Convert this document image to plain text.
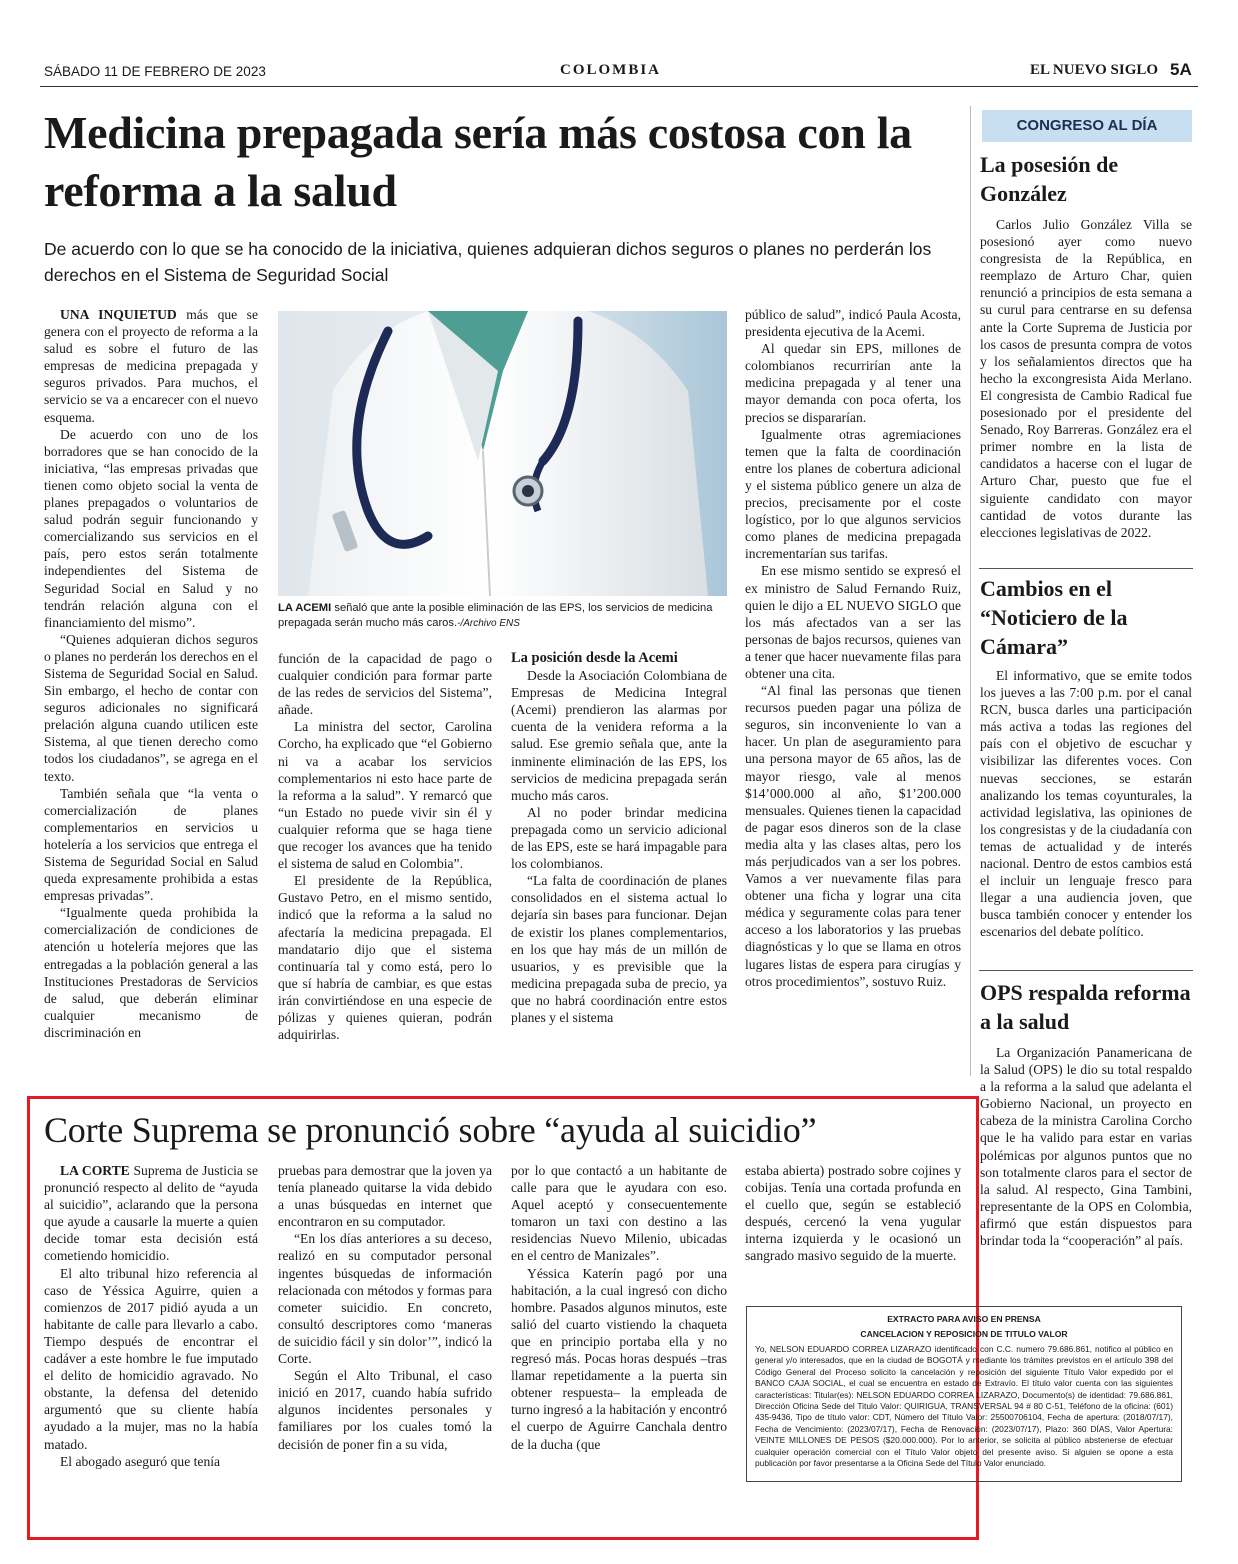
SÁBADO 11 DE FEBRERO DE 2023	COLOMBIA	EL NUEVO SIGLO 5A
Medicina prepagada sería más costosa con la reforma a la salud

De acuerdo con lo que se ha conocido de la iniciativa, quienes adquieran dichos seguros o planes no perderán los derechos en el Sistema de Seguridad Social

UNA INQUIETUD más que se genera con el proyecto de reforma a la salud es sobre el futuro de las empresas de medicina prepagada y seguros privados. Para muchos, el servicio se va a encarecer con el nuevo esquema.

De acuerdo con uno de los borradores que se han conocido de la iniciativa, “las empresas privadas que tienen como objeto social la venta de planes prepagados o voluntarios de salud podrán seguir funcionando y comercializando sus servicios en el país, pero estos serán totalmente independientes del Sistema de Seguridad Social en Salud y no tendrán relación alguna con el financiamiento del mismo”.

“Quienes adquieran dichos seguros o planes no perderán los derechos en el Sistema de Seguridad Social en Salud. Sin embargo, el hecho de contar con seguros adicionales no significará prelación alguna cuando utilicen este Sistema, al que tienen derecho como todos los ciudadanos”, se agrega en el texto.

También señala que “la venta o comercialización de planes complementarios en servicios u hotelería a los servicios que entrega el Sistema de Seguridad Social en Salud queda expresamente prohibida a estas empresas privadas”.

“Igualmente queda prohibida la comercialización de condiciones de atención u hotelería mejores que las entregadas a la población general a las Instituciones Prestadoras de Servicios de salud, que deberán eliminar cualquier mecanismo de discriminación en

LA ACEMI señaló que ante la posible eliminación de las EPS, los servicios de medicina prepagada serán mucho más caros.-/Archivo ENS

función de la capacidad de pago o cualquier condición para formar parte de las redes de servicios del Sistema”, añade.

La ministra del sector, Carolina Corcho, ha explicado que “el Gobierno ni va a acabar los servicios complementarios ni esto hace parte de la reforma a la salud”. Y remarcó que “un Estado no puede vivir sin él y cualquier reforma que se haga tiene que recoger los avances que ha tenido el sistema de salud en Colombia”.

El presidente de la República, Gustavo Petro, en el mismo sentido, indicó que la reforma a la salud no afectaría la medicina prepagada. El mandatario dijo que el sistema continuaría tal y como está, pero lo que sí habría de cambiar, es que estas irán convirtiéndose en una especie de pólizas y quienes quieran, podrán adquirirlas.

La posición desde la Acemi

Desde la Asociación Colombiana de Empresas de Medicina Integral (Acemi) prendieron las alarmas por cuenta de la venidera reforma a la salud. Ese gremio señala que, ante la inminente eliminación de las EPS, los servicios de medicina prepagada serán mucho más caros.

Al no poder brindar medicina prepagada como un servicio adicional de las EPS, este se hará impagable para los colombianos.

“La falta de coordinación de planes consolidados en el sistema actual lo dejaría sin bases para funcionar. Dejan de existir los planes complementarios, en los que hay más de un millón de usuarios, y es previsible que la medicina prepagada suba de precio, ya que no habrá coordinación entre estos planes y el sistema

público de salud”, indicó Paula Acosta, presidenta ejecutiva de la Acemi.

Al quedar sin EPS, millones de colombianos recurrirían ante la medicina prepagada y al tener una mayor demanda con poca oferta, los precios se dispararían.

Igualmente otras agremiaciones temen que la falta de coordinación entre los planes de cobertura adicional y el sistema público genere un alza de precios, precisamente por el coste logístico, por lo que algunos servicios como planes de medicina prepagada incrementarían sus tarifas.

En ese mismo sentido se expresó el ex ministro de Salud Fernando Ruiz, quien le dijo a EL NUEVO SIGLO que los más afectados van a ser las personas de bajos recursos, quienes van a tener que hacer nuevamente filas para obtener una cita.

“Al final las personas que tienen recursos pueden pagar una póliza de seguros, sin inconveniente lo van a hacer. Un plan de aseguramiento para una persona mayor de 65 años, las de mayor riesgo, vale al menos $14’000.000 al año, $1’200.000 mensuales. Quienes tienen la capacidad de pagar esos dineros son de la clase media alta y las clases altas, pero los más perjudicados van a ser los pobres. Vamos a ver nuevamente filas para obtener una ficha y lograr una cita médica y seguramente colas para tener acceso a los laboratorios y las pruebas diagnósticas y lo que se llama en otros lugares listas de espera para cirugías y otros procedimientos”, sostuvo Ruiz.

CONGRESO AL DÍA
La posesión de González

Carlos Julio González Villa se posesionó ayer como nuevo congresista de la República, en reemplazo de Arturo Char, quien renunció a principios de esta semana a su curul para centrarse en su defensa ante la Corte Suprema de Justicia por los casos de presunta compra de votos y los señalamientos directos que ha hecho la excongresista Aida Merlano. El congresista de Cambio Radical fue posesionado por el presidente del Senado, Roy Barreras. González era el primer nombre en la lista de candidatos a hacerse con el lugar de Arturo Char, puesto que fue el siguiente candidato con mayor cantidad de votos durante las elecciones legislativas de 2022.

Cambios en el “Noticiero de la Cámara”

El informativo, que se emite todos los jueves a las 7:00 p.m. por el canal RCN, busca darles una participación más activa a todas las regiones del país con el objetivo de escuchar y visibilizar las diferentes voces. Con nuevas secciones, se estarán analizando los temas coyunturales, la actividad legislativa, las opiniones de los congresistas y de la ciudadanía con temas de actualidad y de interés nacional. Dentro de estos cambios está el incluir un lenguaje fresco para llegar a una audiencia joven, que busca también conocer y entender los escenarios del debate político.

OPS respalda reforma a la salud

La Organización Panamericana de la Salud (OPS) le dio su total respaldo a la reforma a la salud que adelanta el Gobierno Nacional, un proyecto en cabeza de la ministra Carolina Corcho que le ha valido para estar en varias polémicas por algunos puntos que no son totalmente claros para el sector de la salud. Al respecto, Gina Tambini, representante de la OPS en Colombia, afirmó que están dispuestos para brindar toda la “cooperación” al país.

Corte Suprema se pronunció sobre “ayuda al suicidio”

LA CORTE Suprema de Justicia se pronunció respecto al delito de “ayuda al suicidio”, aclarando que la persona que ayude a causarle la muerte a quien decide tomar esta decisión está cometiendo homicidio.

El alto tribunal hizo referencia al caso de Yéssica Aguirre, quien a comienzos de 2017 pidió ayuda a un habitante de calle para llevarlo a cabo. Tiempo después de encontrar el cadáver a este hombre le fue imputado el delito de homicidio agravado. No obstante, la defensa del detenido argumentó que su cliente había ayudado a la mujer, mas no la había matado.

El abogado aseguró que tenía

pruebas para demostrar que la joven ya tenía planeado quitarse la vida debido a unas búsquedas en internet que encontraron en su computador.

“En los días anteriores a su deceso, realizó en su computador personal ingentes búsquedas de información relacionada con métodos y formas para cometer suicidio. En concreto, consultó descriptores como ‘maneras de suicidio fácil y sin dolor’”, indicó la Corte.

Según el Alto Tribunal, el caso inició en 2017, cuando había sufrido algunos incidentes personales y familiares por los cuales tomó la decisión de poner fin a su vida,

por lo que contactó a un habitante de calle para que le ayudara con eso. Aquel aceptó y consecuentemente tomaron un taxi con destino a las residencias Nuevo Milenio, ubicadas en el centro de Manizales”.

Yéssica Katerín pagó por una habitación, a la cual ingresó con dicho hombre. Pasados algunos minutos, este salió del cuarto vistiendo la chaqueta que en principio portaba ella y no regresó más. Pocas horas después –tras llamar repetidamente a la puerta sin obtener respuesta– la empleada de turno ingresó a la habitación y encontró el cuerpo de Aguirre Canchala dentro de la ducha (que

estaba abierta) postrado sobre cojines y cobijas. Tenía una cortada profunda en el cuello que, según se estableció después, cercenó la vena yugular interna izquierda y le ocasionó un sangrado masivo seguido de la muerte.

EXTRACTO PARA AVISO EN PRENSA
CANCELACION Y REPOSICION DE TITULO VALOR

Yo, NELSON EDUARDO CORREA LIZARAZO identificado con C.C. numero 79.686.861, notifico al público en general y/o interesados, que en la ciudad de BOGOTÁ y mediante los trámites previstos en el artículo 398 del Código General del Proceso solicito la cancelación y reposición del siguiente Título Valor expedido por el BANCO CAJA SOCIAL, el cual se encuentra en estado de Extravío. El título valor cuenta con las siguientes características: Titular(es): NELSON EDUARDO CORREA LIZARAZO, Documento(s) de identidad: 79.686.861, Dirección Oficina Sede del Titulo Valor: QUIRIGUA, TRANSVERSAL 94 # 80 C-51, Teléfono de la oficina: (601) 435-9436, Tipo de título valor: CDT, Número del Título Valor: 25500706104, Fecha de apertura: (2018/07/17), Fecha de Vencimiento: (2023/07/17), Fecha de Renovación: (2023/07/17), Plazo: 360 DÍAS, Valor Apertura: VEINTE MILLONES DE PESOS ($20.000.000). Por lo anterior, se solicita al público abstenerse de efectuar cualquier operación comercial con el Título Valor objeto del presente aviso. Si alguien se opone a esta publicación por favor presentarse a la Oficina Sede del Título Valor enunciado.
